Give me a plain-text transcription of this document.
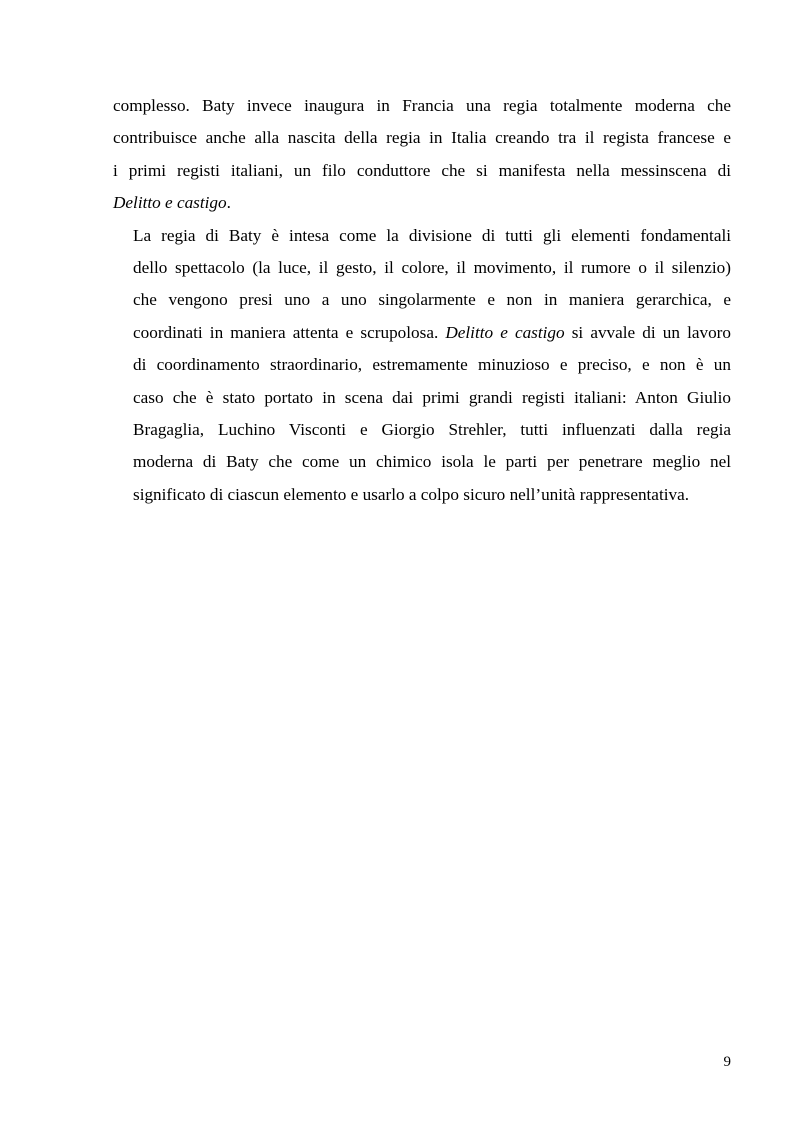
complesso. Baty invece inaugura in Francia una regia totalmente moderna che
contribuisce anche alla nascita della regia in Italia creando tra il regista francese e
i primi registi italiani, un filo conduttore che si manifesta nella messinscena di
Delitto e castigo.

La regia di Baty è intesa come la divisione di tutti gli elementi fondamentali
dello spettacolo (la luce, il gesto, il colore, il movimento, il rumore o il silenzio)
che vengono presi uno a uno singolarmente e non in maniera gerarchica, e
coordinati in maniera attenta e scrupolosa. Delitto e castigo si avvale di un lavoro
di coordinamento straordinario, estremamente minuzioso e preciso, e non è un
caso che è stato portato in scena dai primi grandi registi italiani: Anton Giulio
Bragaglia, Luchino Visconti e Giorgio Strehler, tutti influenzati dalla regia
moderna di Baty che come un chimico isola le parti per penetrare meglio nel
significato di ciascun elemento e usarlo a colpo sicuro nell’unità rappresentativa.

9
